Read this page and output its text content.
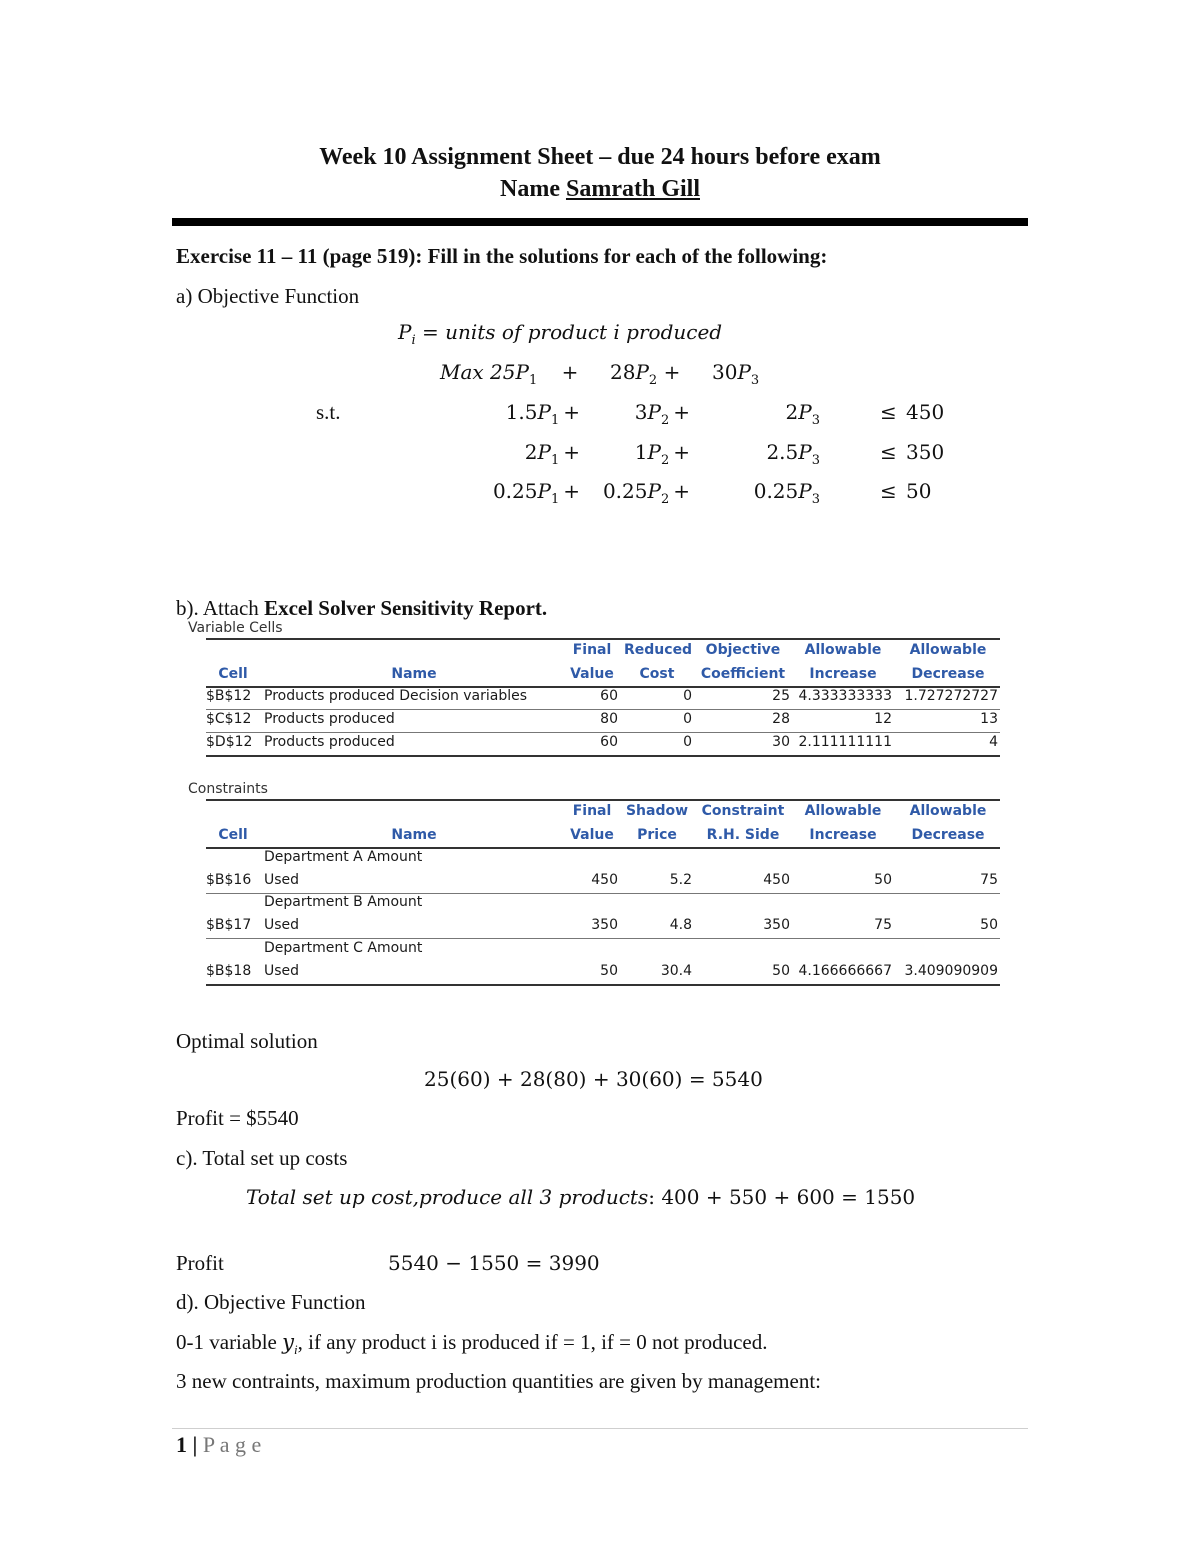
Week 10 Assignment Sheet – due 24 hours before exam
Name Samrath Gill
Exercise 11 – 11 (page 519): Fill in the solutions for each of the following:
a) Objective Function
$P_i$ = units of product i produced
Max $25P_1 + 28P_2 + 30P_3$
s.t.	$1.5P_1$ +	$3P_2$ +	$2P_3$	≤ 450
$2P_1$ +	$1P_2$ +	$2.5P_3$	≤ 350
$0.25P_1$ +	$0.25P_2$ +	$0.25P_3$	≤ 50
b). Attach Excel Solver Sensitivity Report.
Variable Cells
Final Reduced Objective	Allowable	Allowable
Cell	Name	Value	Cost	Coefficient	Increase	Decrease
$B$12 Products produced Decision variables	60	0	25 4.333333333 1.727272727
$C$12 Products produced	80	0	28	12	13
$D$12 Products produced	60	0	30 2.111111111	4
Constraints
Final	Shadow Constraint	Allowable	Allowable
Cell	Name	Value	Price	R.H. Side	Increase	Decrease
Department A Amount
$B$16 Used	450	5.2	450	50	75
Department B Amount
$B$17 Used	350	4.8	350	75	50
Department C Amount
$B$18 Used	50	30.4	50 4.166666667 3.409090909
Optimal solution
25(60) + 28(80) + 30(60) = 5540
Profit = $5540
c). Total set up costs
Total set up cost,produce all 3 products: 400 + 550 + 600 = 1550
Profit	5540 − 1550 = 3990
d). Objective Function
0-1 variable $y_i$, if any product i is produced if = 1, if = 0 not produced.
3 new contraints, maximum production quantities are given by management:
1 | P a g e
